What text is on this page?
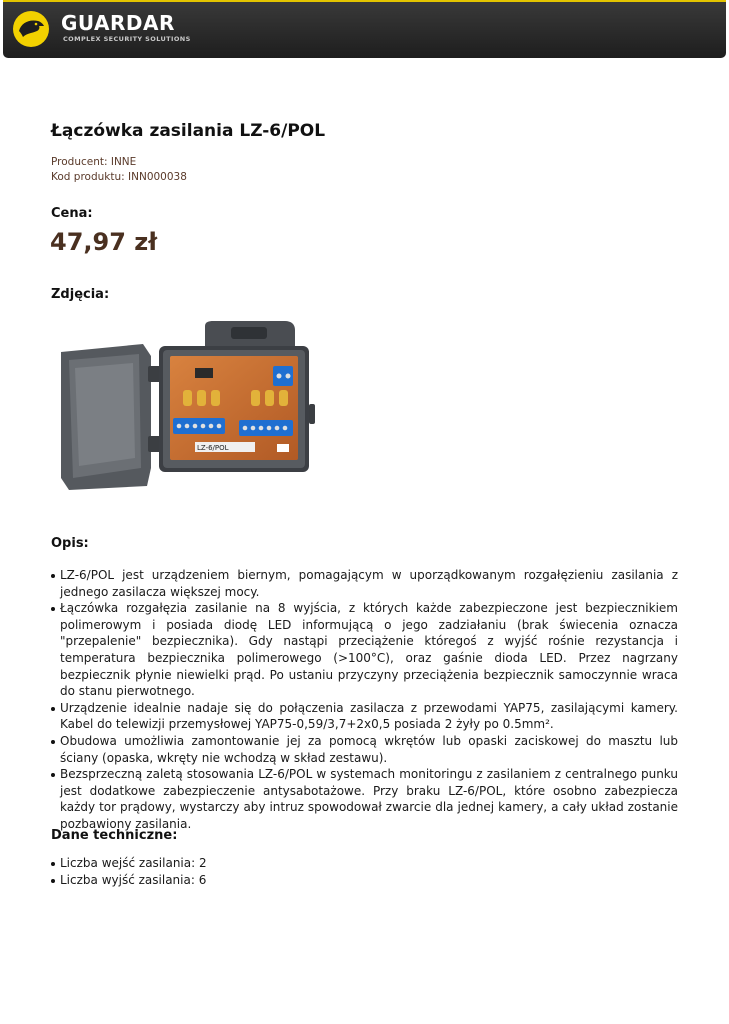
GUARDAR
COMPLEX SECURITY SOLUTIONS
Łączówka zasilania LZ-6/POL
Producent: INNE
Kod produktu: INN000038
Cena:
47,97 zł
Zdjęcia:
LZ-6/POL
Opis:
LZ-6/POL jest urządzeniem biernym, pomagającym w uporządkowanym rozgałęzieniu zasilania z jednego zasilacza większej mocy.
Łączówka rozgałęzia zasilanie na 8 wyjścia, z których każde zabezpieczone jest bezpiecznikiem polimerowym i posiada diodę LED informującą o jego zadziałaniu (brak świecenia oznacza "przepalenie" bezpiecznika). Gdy nastąpi przeciążenie któregoś z wyjść rośnie rezystancja i temperatura bezpiecznika polimerowego (>100°C), oraz gaśnie dioda LED. Przez nagrzany bezpiecznik płynie niewielki prąd. Po ustaniu przyczyny przeciążenia bezpiecznik samoczynnie wraca do stanu pierwotnego.
Urządzenie idealnie nadaje się do połączenia zasilacza z przewodami YAP75, zasilającymi kamery. Kabel do telewizji przemysłowej YAP75-0,59/3,7+2x0,5 posiada 2 żyły po 0.5mm².
Obudowa umożliwia zamontowanie jej za pomocą wkrętów lub opaski zaciskowej do masztu lub ściany (opaska, wkręty nie wchodzą w skład zestawu).
Bezsprzeczną zaletą stosowania LZ-6/POL w systemach monitoringu z zasilaniem z centralnego punku jest dodatkowe zabezpieczenie antysabotażowe. Przy braku LZ-6/POL, które osobno zabezpiecza każdy tor prądowy, wystarczy aby intruz spowodował zwarcie dla jednej kamery, a cały układ zostanie pozbawiony zasilania.
Dane techniczne:
Liczba wejść zasilania: 2
Liczba wyjść zasilania: 6
